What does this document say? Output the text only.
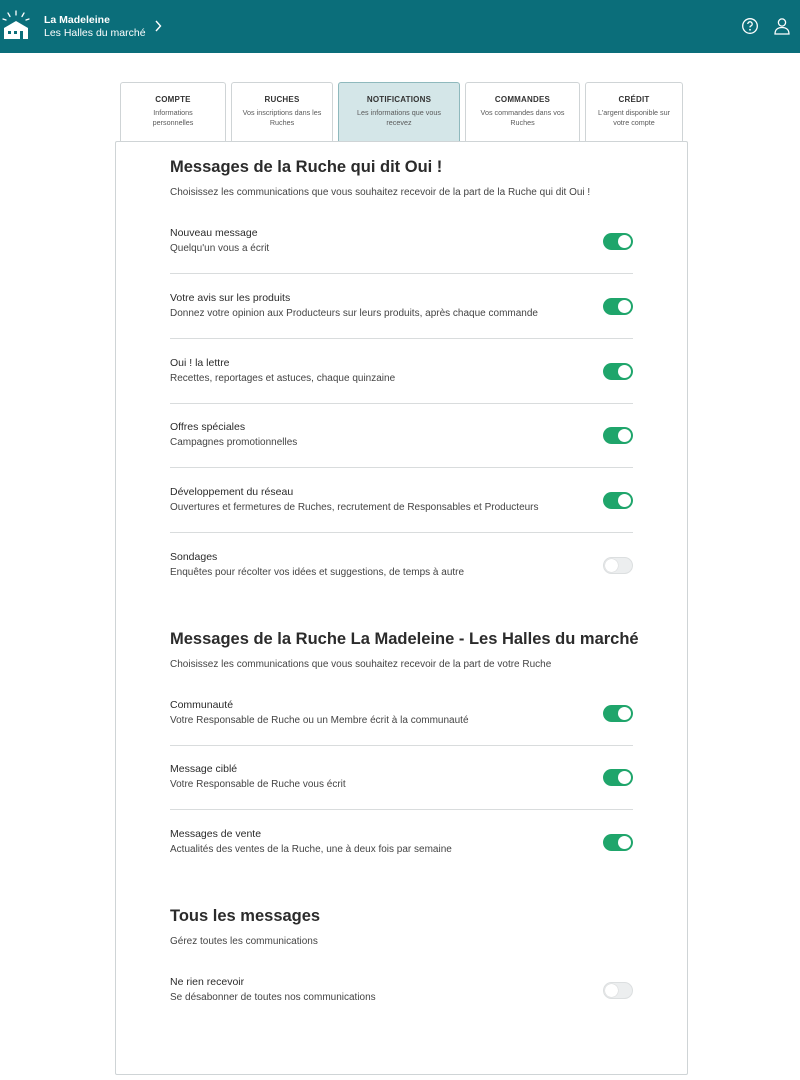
La Madeleine
Les Halles du marché
COMPTE
Informations personnelles
RUCHES
Vos inscriptions dans les Ruches
NOTIFICATIONS
Les informations que vous recevez
COMMANDES
Vos commandes dans vos Ruches
CRÉDIT
L'argent disponible sur votre compte
Messages de la Ruche qui dit Oui !
Choisissez les communications que vous souhaitez recevoir de la part de la Ruche qui dit Oui !
Nouveau message
Quelqu'un vous a écrit
Votre avis sur les produits
Donnez votre opinion aux Producteurs sur leurs produits, après chaque commande
Oui ! la lettre
Recettes, reportages et astuces, chaque quinzaine
Offres spéciales
Campagnes promotionnelles
Développement du réseau
Ouvertures et fermetures de Ruches, recrutement de Responsables et Producteurs
Sondages
Enquêtes pour récolter vos idées et suggestions, de temps à autre
Messages de la Ruche La Madeleine - Les Halles du marché
Choisissez les communications que vous souhaitez recevoir de la part de votre Ruche
Communauté
Votre Responsable de Ruche ou un Membre écrit à la communauté
Message ciblé
Votre Responsable de Ruche vous écrit
Messages de vente
Actualités des ventes de la Ruche, une à deux fois par semaine
Tous les messages
Gérez toutes les communications
Ne rien recevoir
Se désabonner de toutes nos communications
